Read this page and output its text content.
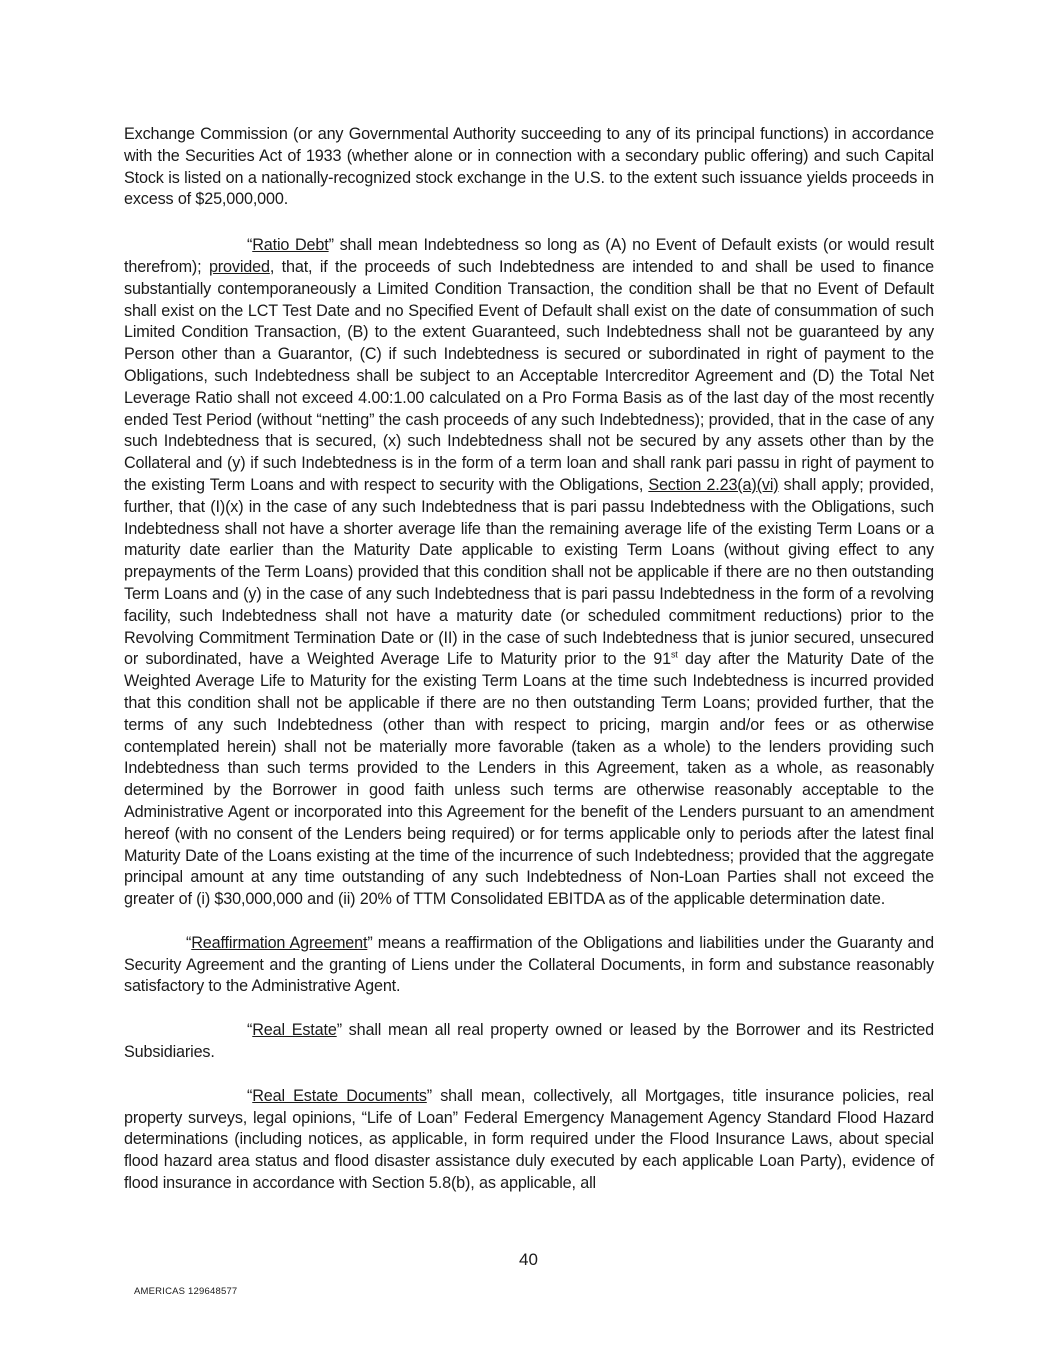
Exchange Commission (or any Governmental Authority succeeding to any of its principal functions) in accordance with the Securities Act of 1933 (whether alone or in connection with a secondary public offering) and such Capital Stock is listed on a nationally-recognized stock exchange in the U.S. to the extent such issuance yields proceeds in excess of $25,000,000.

“Ratio Debt” shall mean Indebtedness so long as (A) no Event of Default exists (or would result therefrom); provided, that, if the proceeds of such Indebtedness are intended to and shall be used to finance substantially contemporaneously a Limited Condition Transaction, the condition shall be that no Event of Default shall exist on the LCT Test Date and no Specified Event of Default shall exist on the date of consummation of such Limited Condition Transaction, (B) to the extent Guaranteed, such Indebtedness shall not be guaranteed by any Person other than a Guarantor, (C) if such Indebtedness is secured or subordinated in right of payment to the Obligations, such Indebtedness shall be subject to an Acceptable Intercreditor Agreement and (D) the Total Net Leverage Ratio shall not exceed 4.00:1.00 calculated on a Pro Forma Basis as of the last day of the most recently ended Test Period (without “netting” the cash proceeds of any such Indebtedness); provided, that in the case of any such Indebtedness that is secured, (x) such Indebtedness shall not be secured by any assets other than by the Collateral and (y) if such Indebtedness is in the form of a term loan and shall rank pari passu in right of payment to the existing Term Loans and with respect to security with the Obligations, Section 2.23(a)(vi) shall apply; provided, further, that (I)(x) in the case of any such Indebtedness that is pari passu Indebtedness with the Obligations, such Indebtedness shall not have a shorter average life than the remaining average life of the existing Term Loans or a maturity date earlier than the Maturity Date applicable to existing Term Loans (without giving effect to any prepayments of the Term Loans) provided that this condition shall not be applicable if there are no then outstanding Term Loans and (y) in the case of any such Indebtedness that is pari passu Indebtedness in the form of a revolving facility, such Indebtedness shall not have a maturity date (or scheduled commitment reductions) prior to the Revolving Commitment Termination Date or (II) in the case of such Indebtedness that is junior secured, unsecured or subordinated, have a Weighted Average Life to Maturity prior to the 91st day after the Maturity Date of the Weighted Average Life to Maturity for the existing Term Loans at the time such Indebtedness is incurred provided that this condition shall not be applicable if there are no then outstanding Term Loans; provided further, that the terms of any such Indebtedness (other than with respect to pricing, margin and/or fees or as otherwise contemplated herein) shall not be materially more favorable (taken as a whole) to the lenders providing such Indebtedness than such terms provided to the Lenders in this Agreement, taken as a whole, as reasonably determined by the Borrower in good faith unless such terms are otherwise reasonably acceptable to the Administrative Agent or incorporated into this Agreement for the benefit of the Lenders pursuant to an amendment hereof (with no consent of the Lenders being required) or for terms applicable only to periods after the latest final Maturity Date of the Loans existing at the time of the incurrence of such Indebtedness; provided that the aggregate principal amount at any time outstanding of any such Indebtedness of Non-Loan Parties shall not exceed the greater of (i) $30,000,000 and (ii) 20% of TTM Consolidated EBITDA as of the applicable determination date.

“Reaffirmation Agreement” means a reaffirmation of the Obligations and liabilities under the Guaranty and Security Agreement and the granting of Liens under the Collateral Documents, in form and substance reasonably satisfactory to the Administrative Agent.

“Real Estate” shall mean all real property owned or leased by the Borrower and its Restricted Subsidiaries.

“Real Estate Documents” shall mean, collectively, all Mortgages, title insurance policies, real property surveys, legal opinions, “Life of Loan” Federal Emergency Management Agency Standard Flood Hazard determinations (including notices, as applicable, in form required under the Flood Insurance Laws, about special flood hazard area status and flood disaster assistance duly executed by each applicable Loan Party), evidence of flood insurance in accordance with Section 5.8(b), as applicable, all

40
AMERICAS 129648577
